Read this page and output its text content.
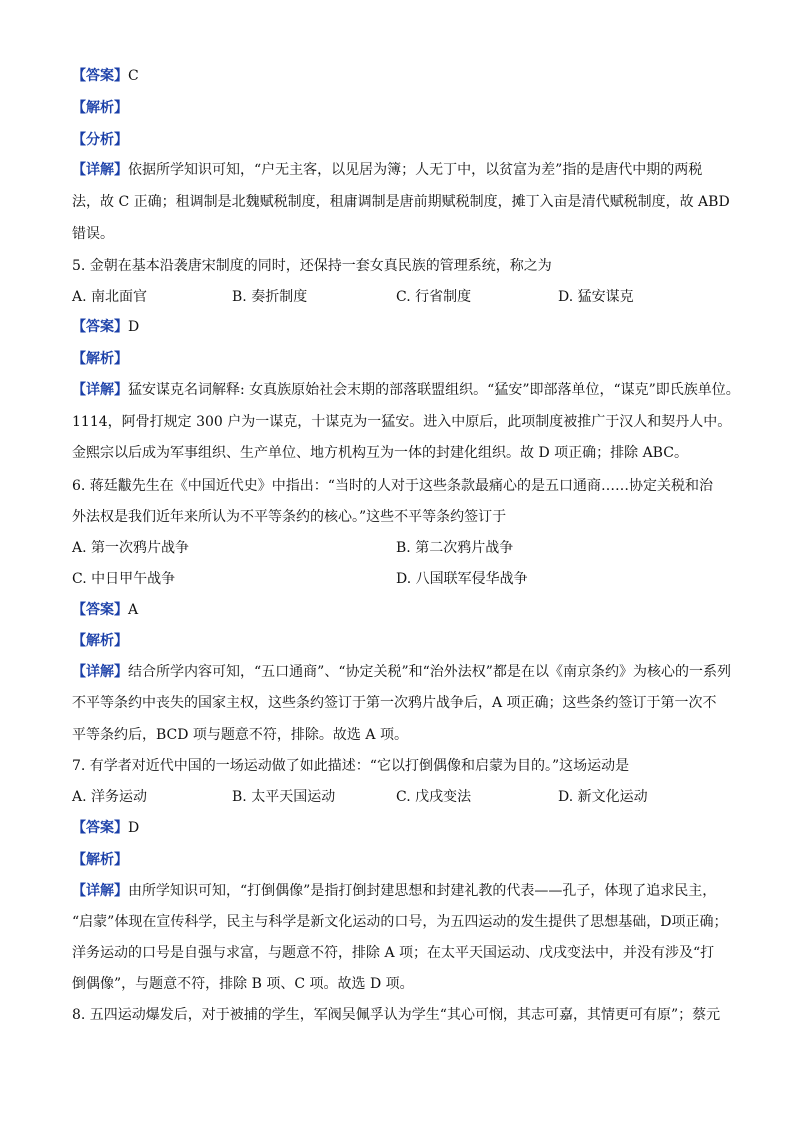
【答案】C
【解析】
【分析】
【详解】依据所学知识可知，“户无主客，以见居为簿；人无丁中，以贫富为差”指的是唐代中期的两税
法，故 C 正确；租调制是北魏赋税制度，租庸调制是唐前期赋税制度，摊丁入亩是清代赋税制度，故 ABD
错误。
5. 金朝在基本沿袭唐宋制度的同时，还保持一套女真民族的管理系统，称之为
A. 南北面官	B. 奏折制度	C. 行省制度	D. 猛安谋克
【答案】D
【解析】
【详解】猛安谋克名词解释: 女真族原始社会末期的部落联盟组织。“猛安”即部落单位，“谋克”即氏族单位。
1114，阿骨打规定 300 户为一谋克，十谋克为一猛安。进入中原后，此项制度被推广于汉人和契丹人中。
金熙宗以后成为军事组织、生产单位、地方机构互为一体的封建化组织。故 D 项正确；排除 ABC。
6. 蒋廷黻先生在《中国近代史》中指出：“当时的人对于这些条款最痛心的是五口通商……协定关税和治
外法权是我们近年来所认为不平等条约的核心。”这些不平等条约签订于
A. 第一次鸦片战争	B. 第二次鸦片战争
C. 中日甲午战争	D. 八国联军侵华战争
【答案】A
【解析】
【详解】结合所学内容可知，“五口通商”、“协定关税”和“治外法权”都是在以《南京条约》为核心的一系列
不平等条约中丧失的国家主权，这些条约签订于第一次鸦片战争后，A 项正确；这些条约签订于第一次不
平等条约后，BCD 项与题意不符，排除。故选 A 项。
7. 有学者对近代中国的一场运动做了如此描述：“它以打倒偶像和启蒙为目的。”这场运动是
A. 洋务运动	B. 太平天国运动	C. 戊戌变法	D. 新文化运动
【答案】D
【解析】
【详解】由所学知识可知，“打倒偶像”是指打倒封建思想和封建礼教的代表——孔子，体现了追求民主，
“启蒙”体现在宣传科学，民主与科学是新文化运动的口号，为五四运动的发生提供了思想基础，D项正确；
洋务运动的口号是自强与求富，与题意不符，排除 A 项；在太平天国运动、戊戌变法中，并没有涉及“打
倒偶像”，与题意不符，排除 B 项、C 项。故选 D 项。
8. 五四运动爆发后，对于被捕的学生，军阀吴佩孚认为学生“其心可悯，其志可嘉，其情更可有原”；蔡元
